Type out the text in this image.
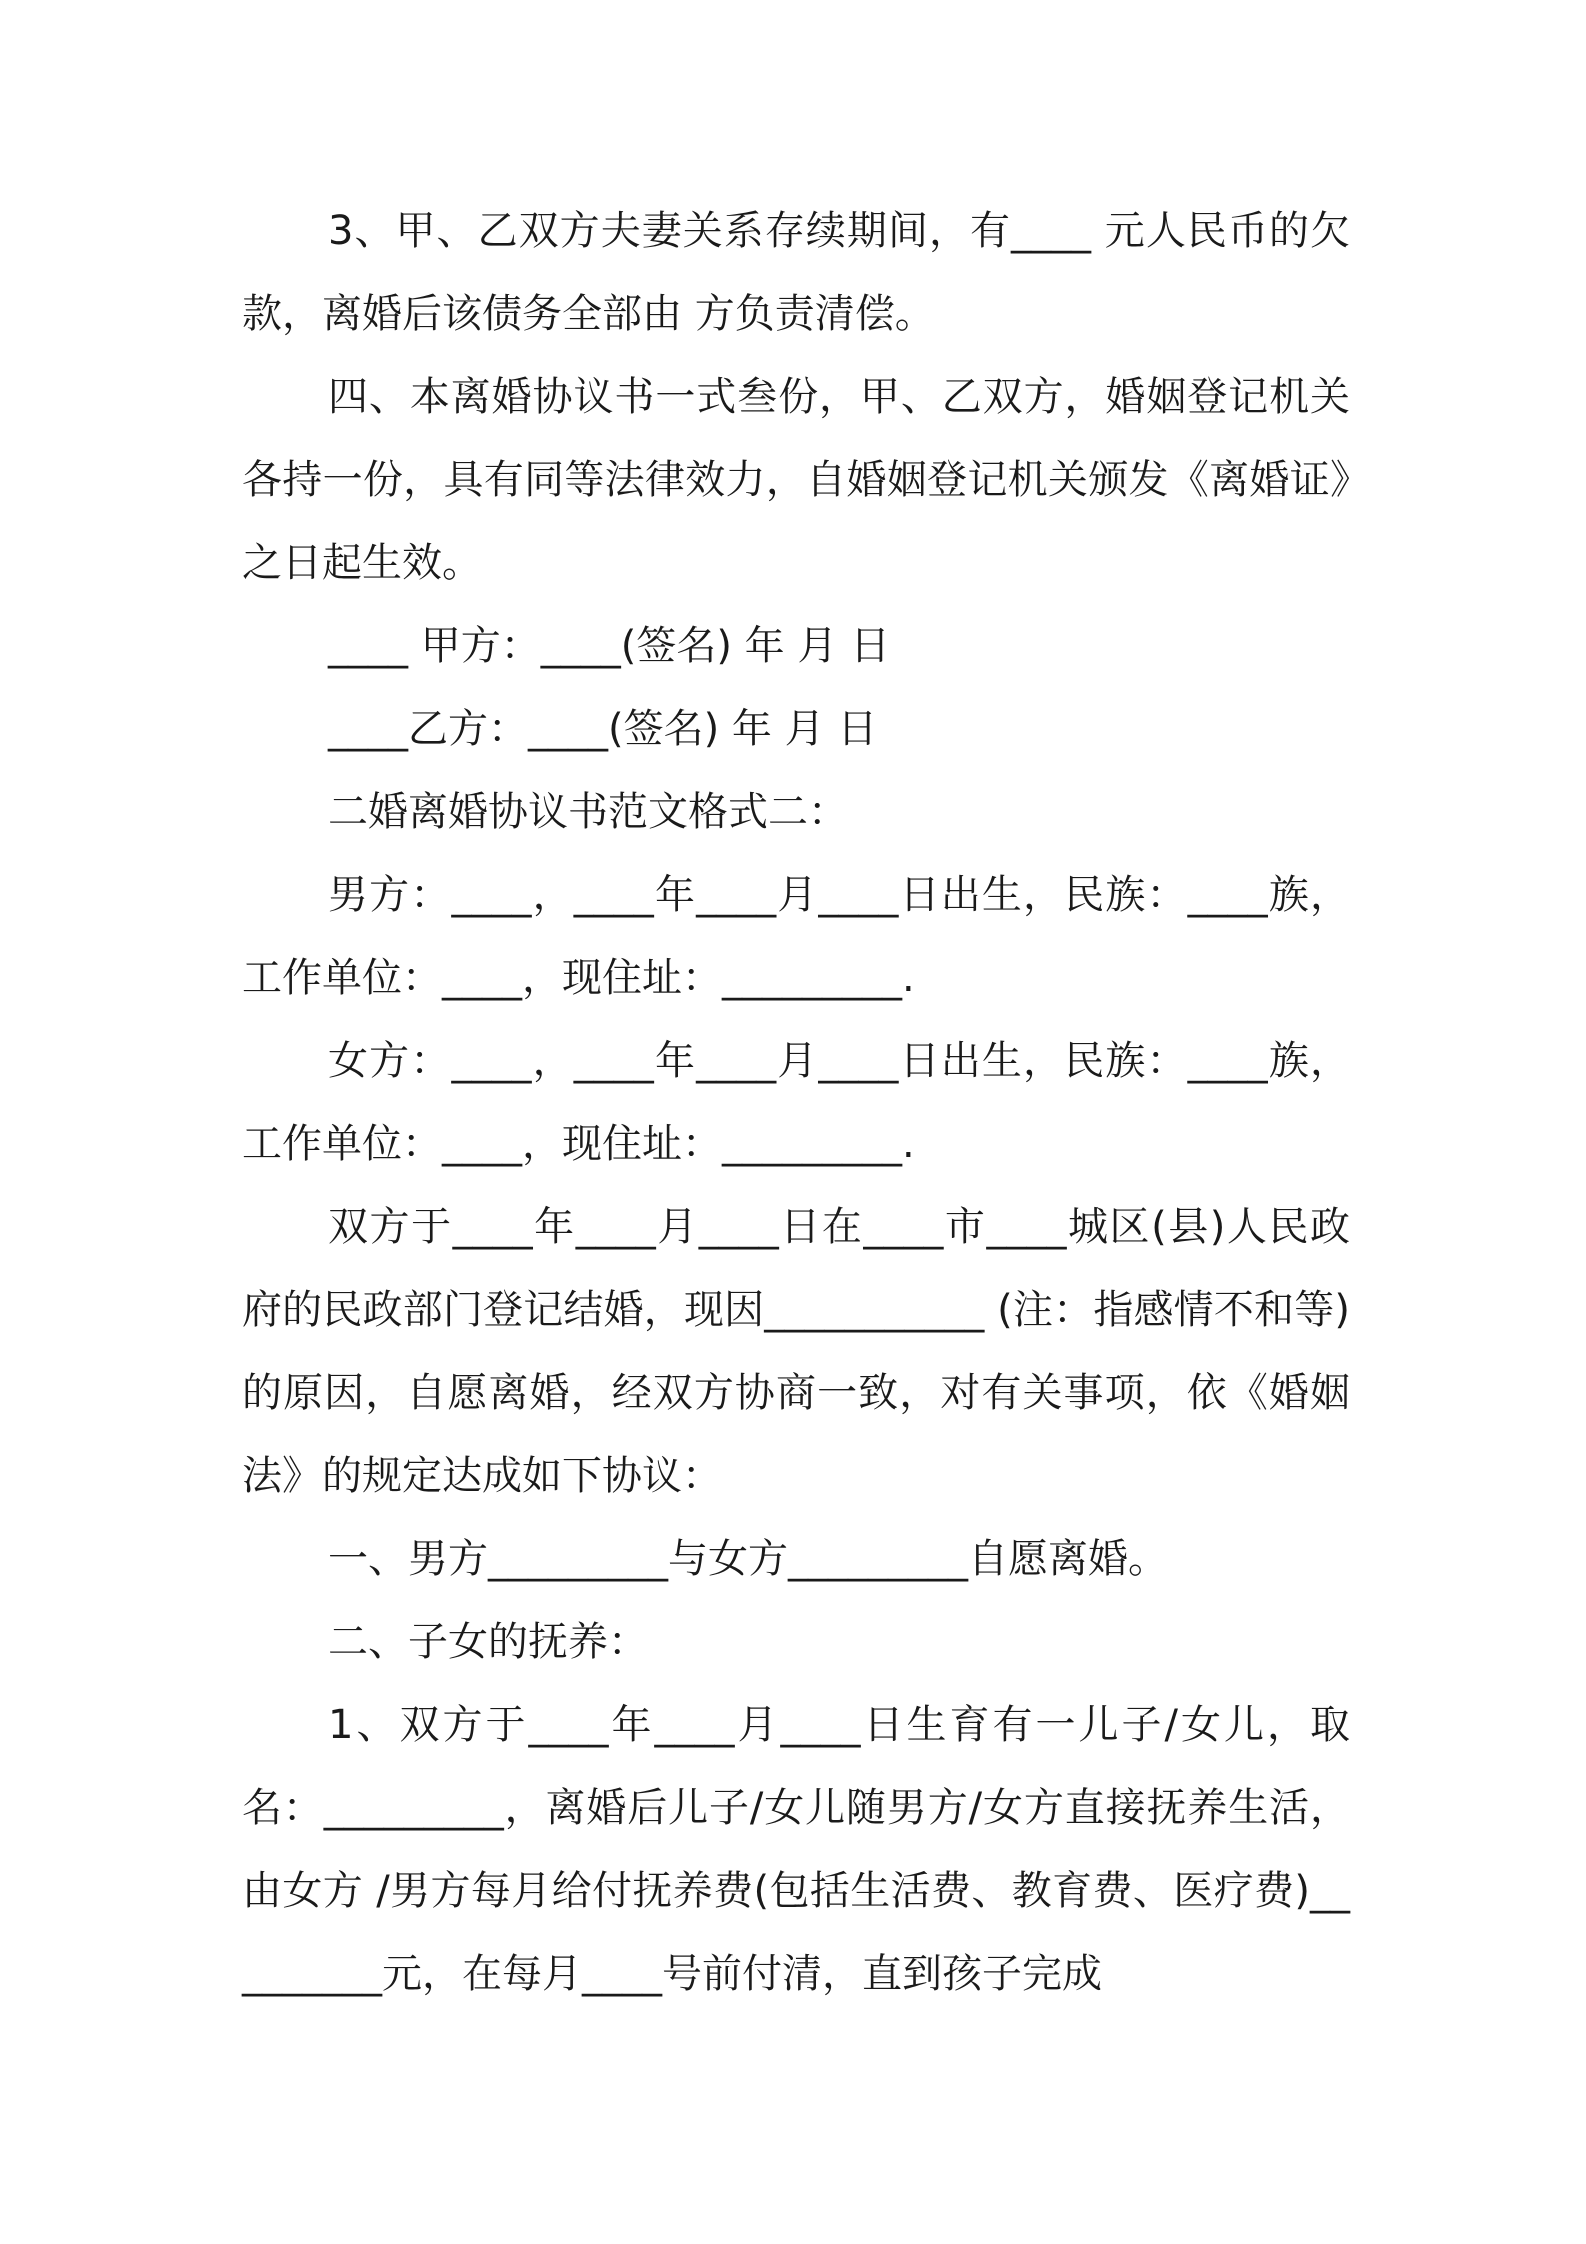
3、甲、乙双方夫妻关系存续期间，有____ 元人民币的欠款，离婚后该债务全部由 方负责清偿。

四、本离婚协议书一式叁份，甲、乙双方，婚姻登记机关各持一份，具有同等法律效力，自婚姻登记机关颁发《离婚证》之日起生效。

____ 甲方：____(签名) 年 月 日

____乙方：____(签名) 年 月 日

二婚离婚协议书范文格式二：

男方：____，____年____月____日出生，民族：____族，工作单位：____，现住址：_________.

女方：____，____年____月____日出生，民族：____族，工作单位：____，现住址：_________.

双方于____年____月____日在____市____城区(县)人民政府的民政部门登记结婚，现因___________ (注：指感情不和等)的原因，自愿离婚，经双方协商一致，对有关事项，依《婚姻法》的规定达成如下协议：

一、男方_________与女方_________自愿离婚。

二、子女的抚养：

1、双方于____年____月____日生育有一儿子/女儿，取名：_________，离婚后儿子/女儿随男方/女方直接抚养生活，由女方 /男方每月给付抚养费(包括生活费、教育费、医疗费)_________元，在每月____号前付清，直到孩子完成
